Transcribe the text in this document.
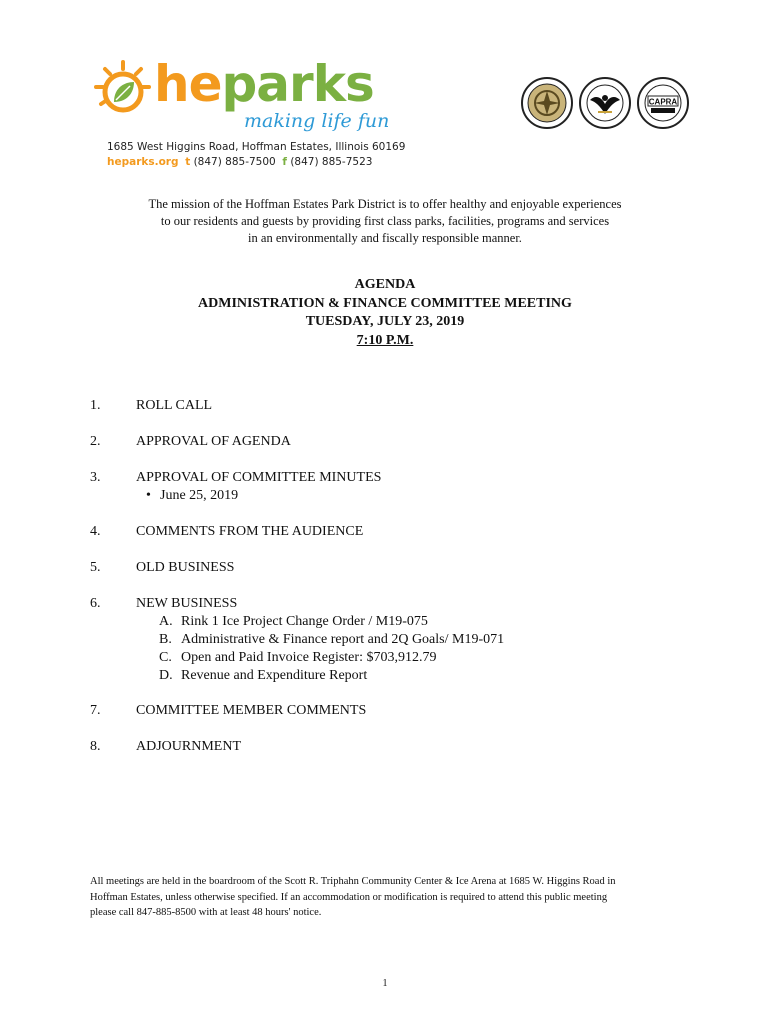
heparks
making life fun
1685 West Higgins Road, Hoffman Estates, Illinois 60169
heparks.org t (847) 885-7500 f (847) 885-7523
CAPRA
The mission of the Hoffman Estates Park District is to offer healthy and enjoyable experiences
to our residents and guests by providing first class parks, facilities, programs and services
in an environmentally and fiscally responsible manner.
AGENDA
ADMINISTRATION & FINANCE COMMITTEE MEETING
TUESDAY, JULY 23, 2019
7:10 P.M.
1.	ROLL CALL
2.	APPROVAL OF AGENDA
3.	APPROVAL OF COMMITTEE MINUTES
• June 25, 2019
4.	COMMENTS FROM THE AUDIENCE
5.	OLD BUSINESS
6.	NEW BUSINESS
A. Rink 1 Ice Project Change Order / M19-075
B. Administrative & Finance report and 2Q Goals/ M19-071
C. Open and Paid Invoice Register: $703,912.79
D. Revenue and Expenditure Report
7.	COMMITTEE MEMBER COMMENTS
8.	ADJOURNMENT
All meetings are held in the boardroom of the Scott R. Triphahn Community Center & Ice Arena at 1685 W. Higgins Road in
Hoffman Estates, unless otherwise specified. If an accommodation or modification is required to attend this public meeting
please call 847-885-8500 with at least 48 hours' notice.
1
